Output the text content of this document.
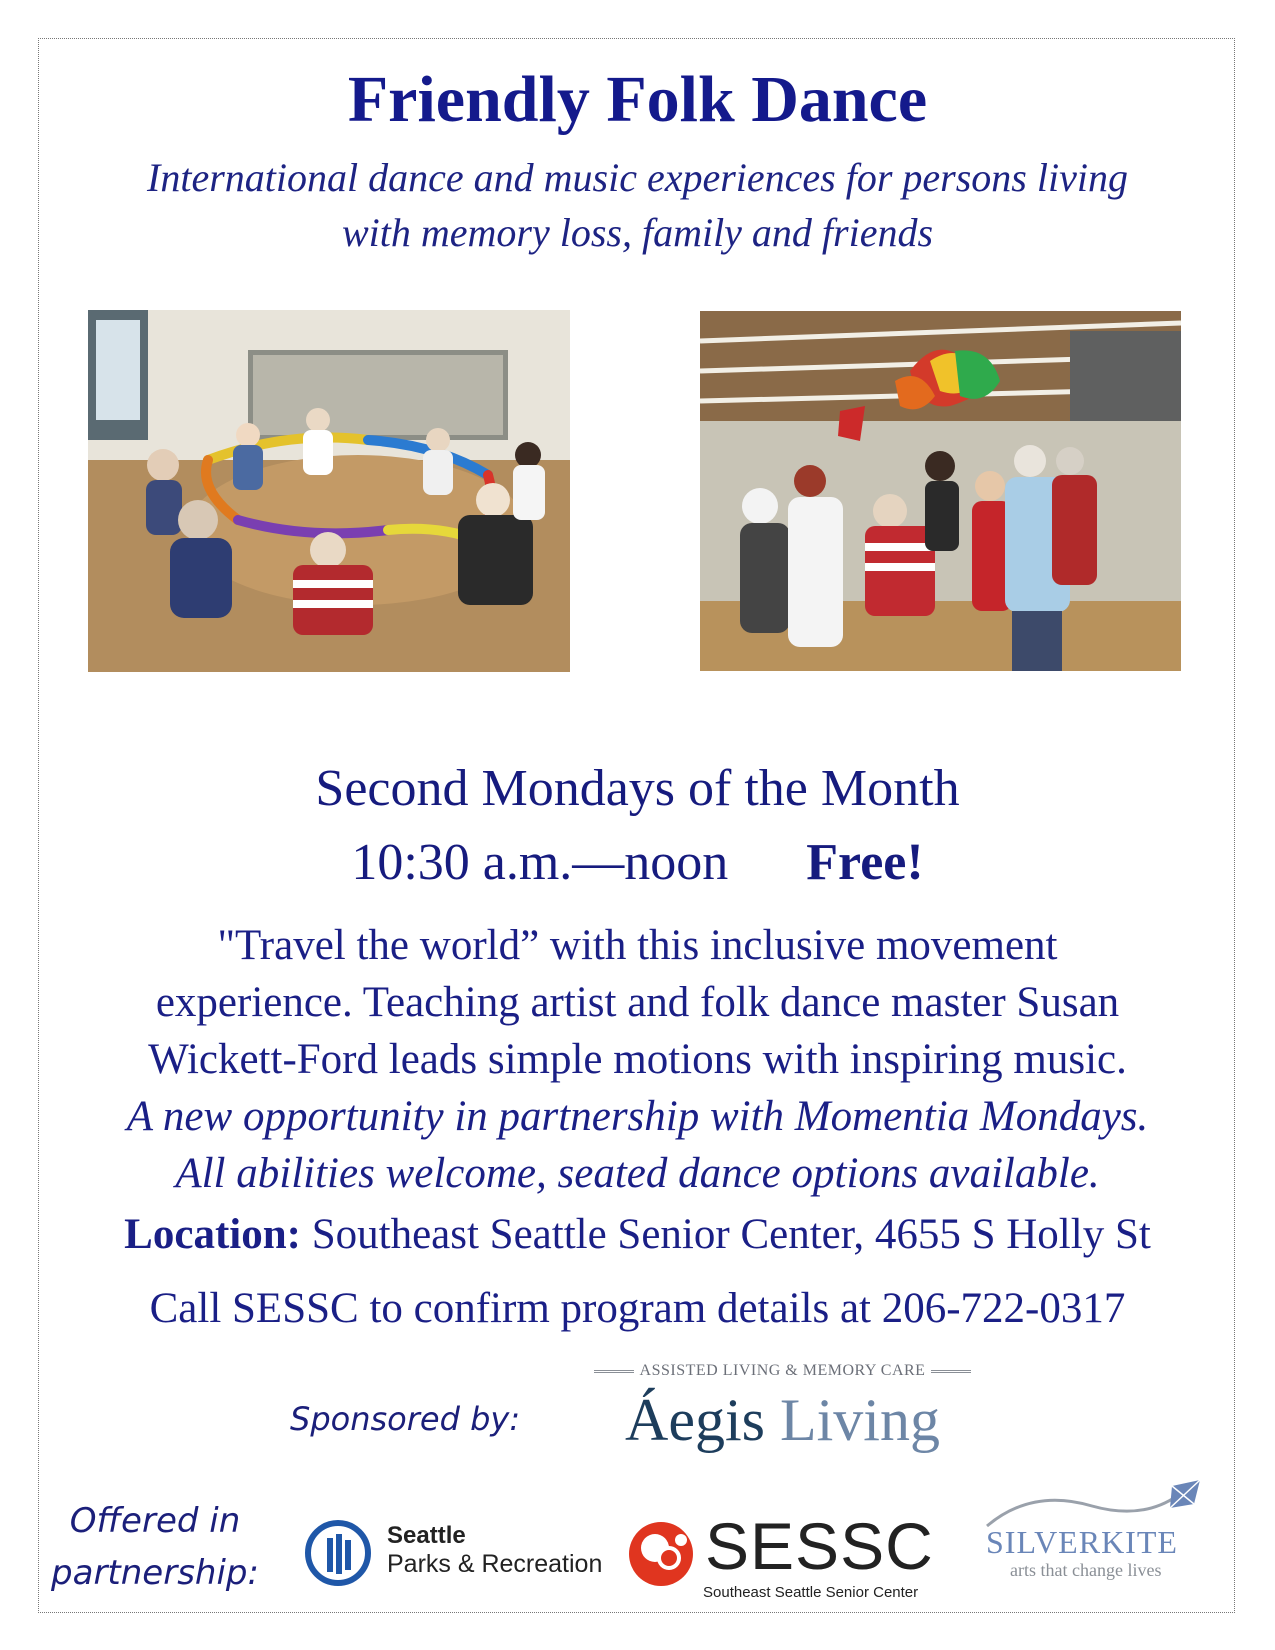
Friendly Folk Dance
International dance and music experiences for persons living
with memory loss, family and friends
Second Mondays of the Month
10:30 a.m.—noon Free!
"Travel the world” with this inclusive movement
experience. Teaching artist and folk dance master Susan
Wickett-Ford leads simple motions with inspiring music.
A new opportunity in partnership with Momentia Mondays.
All abilities welcome, seated dance options available.
Location: Southeast Seattle Senior Center, 4655 S Holly St
Call SESSC to confirm program details at 206-722-0317
Sponsored by:
ASSISTED LIVING & MEMORY CARE
Áegis Living
Offered in
partnership:
Seattle
Parks & Recreation SESSC
Southeast Seattle Senior Center
SILVERKITE
arts that change lives
